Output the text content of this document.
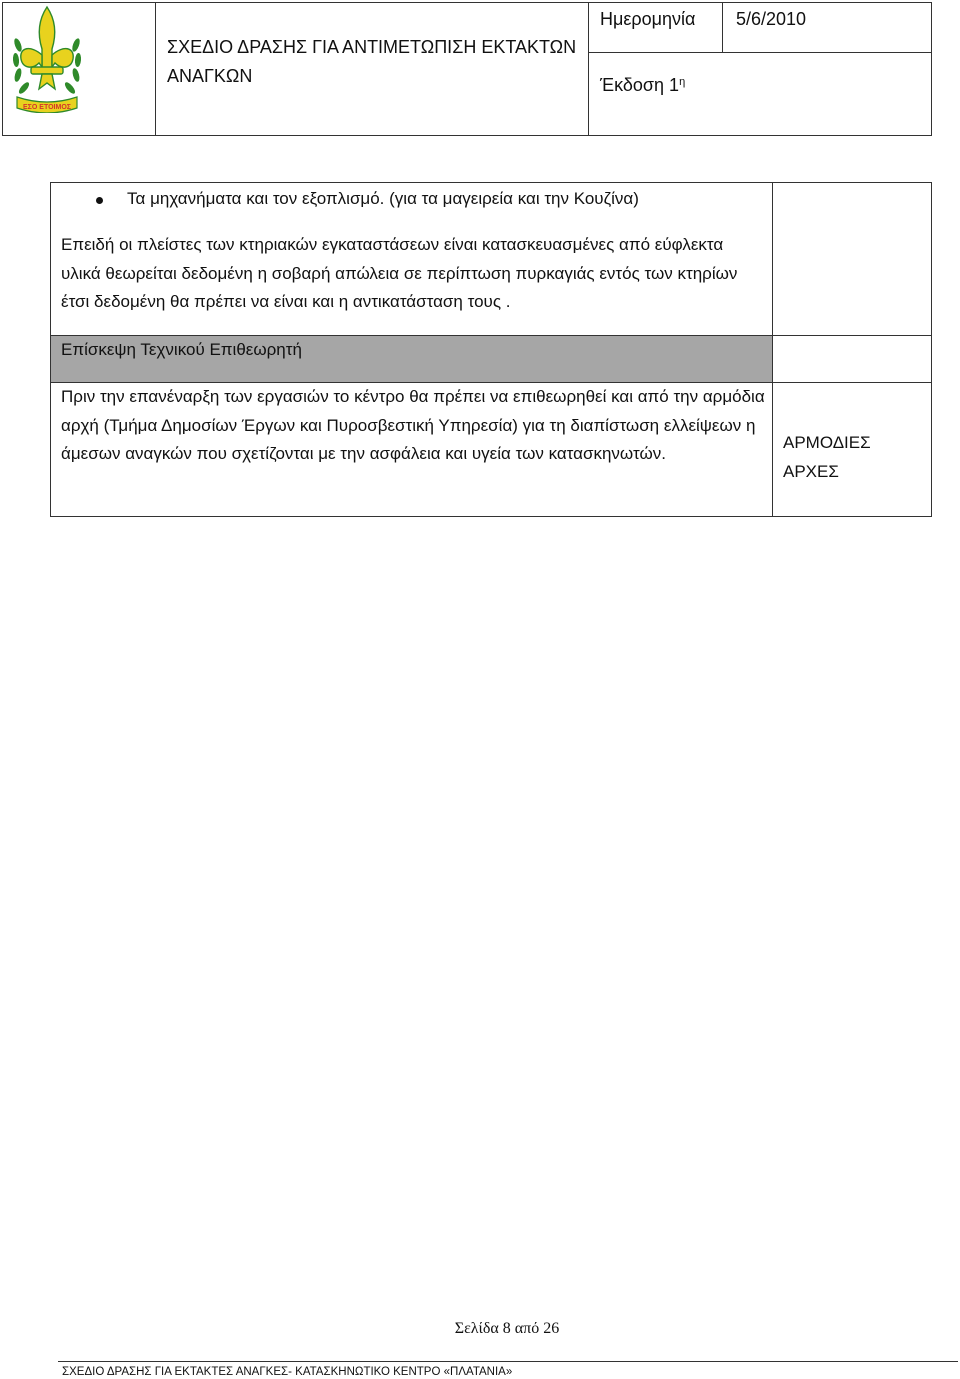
ΕΣΟ ΕΤΟΙΜΟΣ
ΣΧΕΔΙΟ ΔΡΑΣΗΣ ΓΙΑ ΑΝΤΙΜΕΤΩΠΙΣΗ ΕΚΤΑΚΤΩΝ ΑΝΑΓΚΩΝ
Ημερομηνία 5/6/2010
Έκδοση $1^\eta$
Τα μηχανήματα και τον εξοπλισμό. (για τα μαγειρεία και την Κουζίνα)
Επειδή οι πλείστες των κτηριακών εγκαταστάσεων είναι κατασκευασμένες από εύφλεκτα υλικά θεωρείται δεδομένη η σοβαρή απώλεια σε περίπτωση πυρκαγιάς εντός των κτηρίων έτσι δεδομένη θα πρέπει να είναι και η αντικατάσταση τους .
Επίσκεψη Τεχνικού Επιθεωρητή
Πριν την επανέναρξη των εργασιών το κέντρο θα πρέπει να επιθεωρηθεί και από την αρμόδια αρχή (Τμήμα Δημοσίων Έργων και Πυροσβεστική Υπηρεσία) για τη διαπίστωση ελλείψεων η άμεσων αναγκών που σχετίζονται με την ασφάλεια και υγεία των κατασκηνωτών.
ΑΡΜΟΔΙΕΣ ΑΡΧΕΣ
Σελίδα 8 από 26
ΣΧΕΔΙΟ ΔΡΑΣΗΣ ΓΙΑ ΕΚΤΑΚΤΕΣ ΑΝΑΓΚΕΣ- ΚΑΤΑΣΚΗΝΩΤΙΚΟ ΚΕΝΤΡΟ «ΠΛΑΤΑΝΙΑ»
